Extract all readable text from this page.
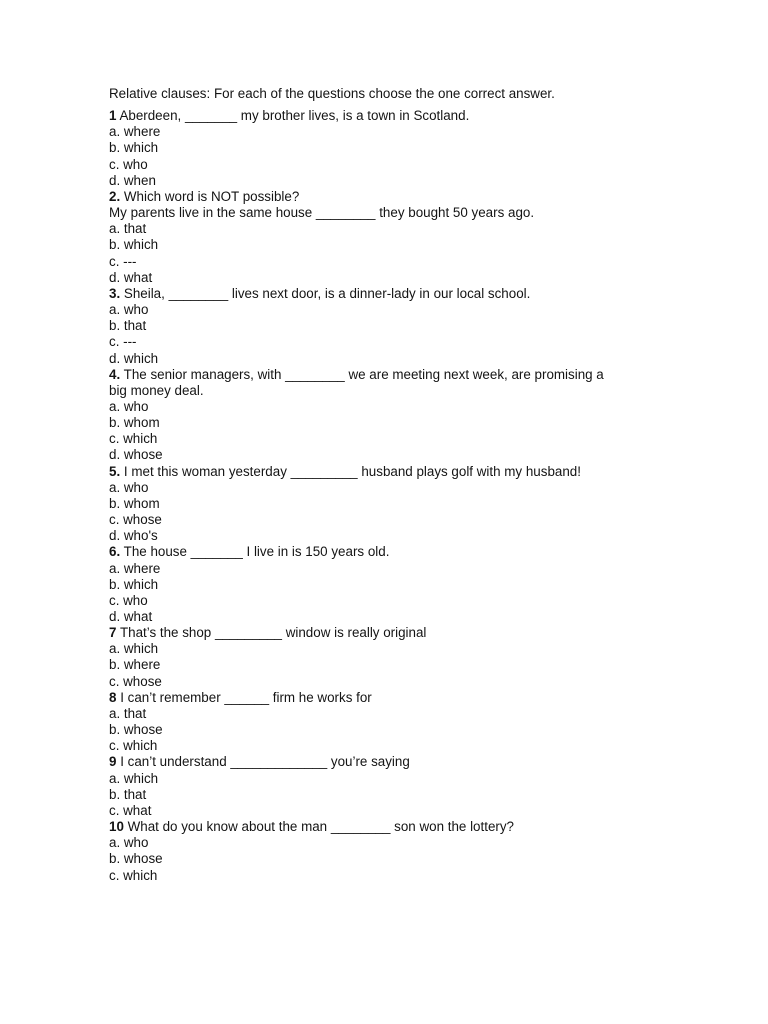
Relative clauses: For each of the questions choose the one correct answer.
1 Aberdeen, _______ my brother lives, is a town in Scotland.
a. where
b. which
c. who
d. when
2. Which word is NOT possible?
My parents live in the same house ________ they bought 50 years ago.
a. that
b. which
c. ---
d. what
3. Sheila, ________ lives next door, is a dinner-lady in our local school.
a. who
b. that
c. ---
d. which
4. The senior managers, with ________ we are meeting next week, are promising a
big money deal.
a. who
b. whom
c. which
d. whose
5. I met this woman yesterday _________ husband plays golf with my husband!
a. who
b. whom
c. whose
d. who's
6. The house _______ I live in is 150 years old.
a. where
b. which
c. who
d. what
7 That’s the shop _________ window is really original
a. which
b. where
c. whose
8 I can’t remember ______ firm he works for
a. that
b. whose
c. which
9 I can’t understand _____________ you’re saying
a. which
b. that
c. what
10 What do you know about the man ________ son won the lottery?
a. who
b. whose
c. which
